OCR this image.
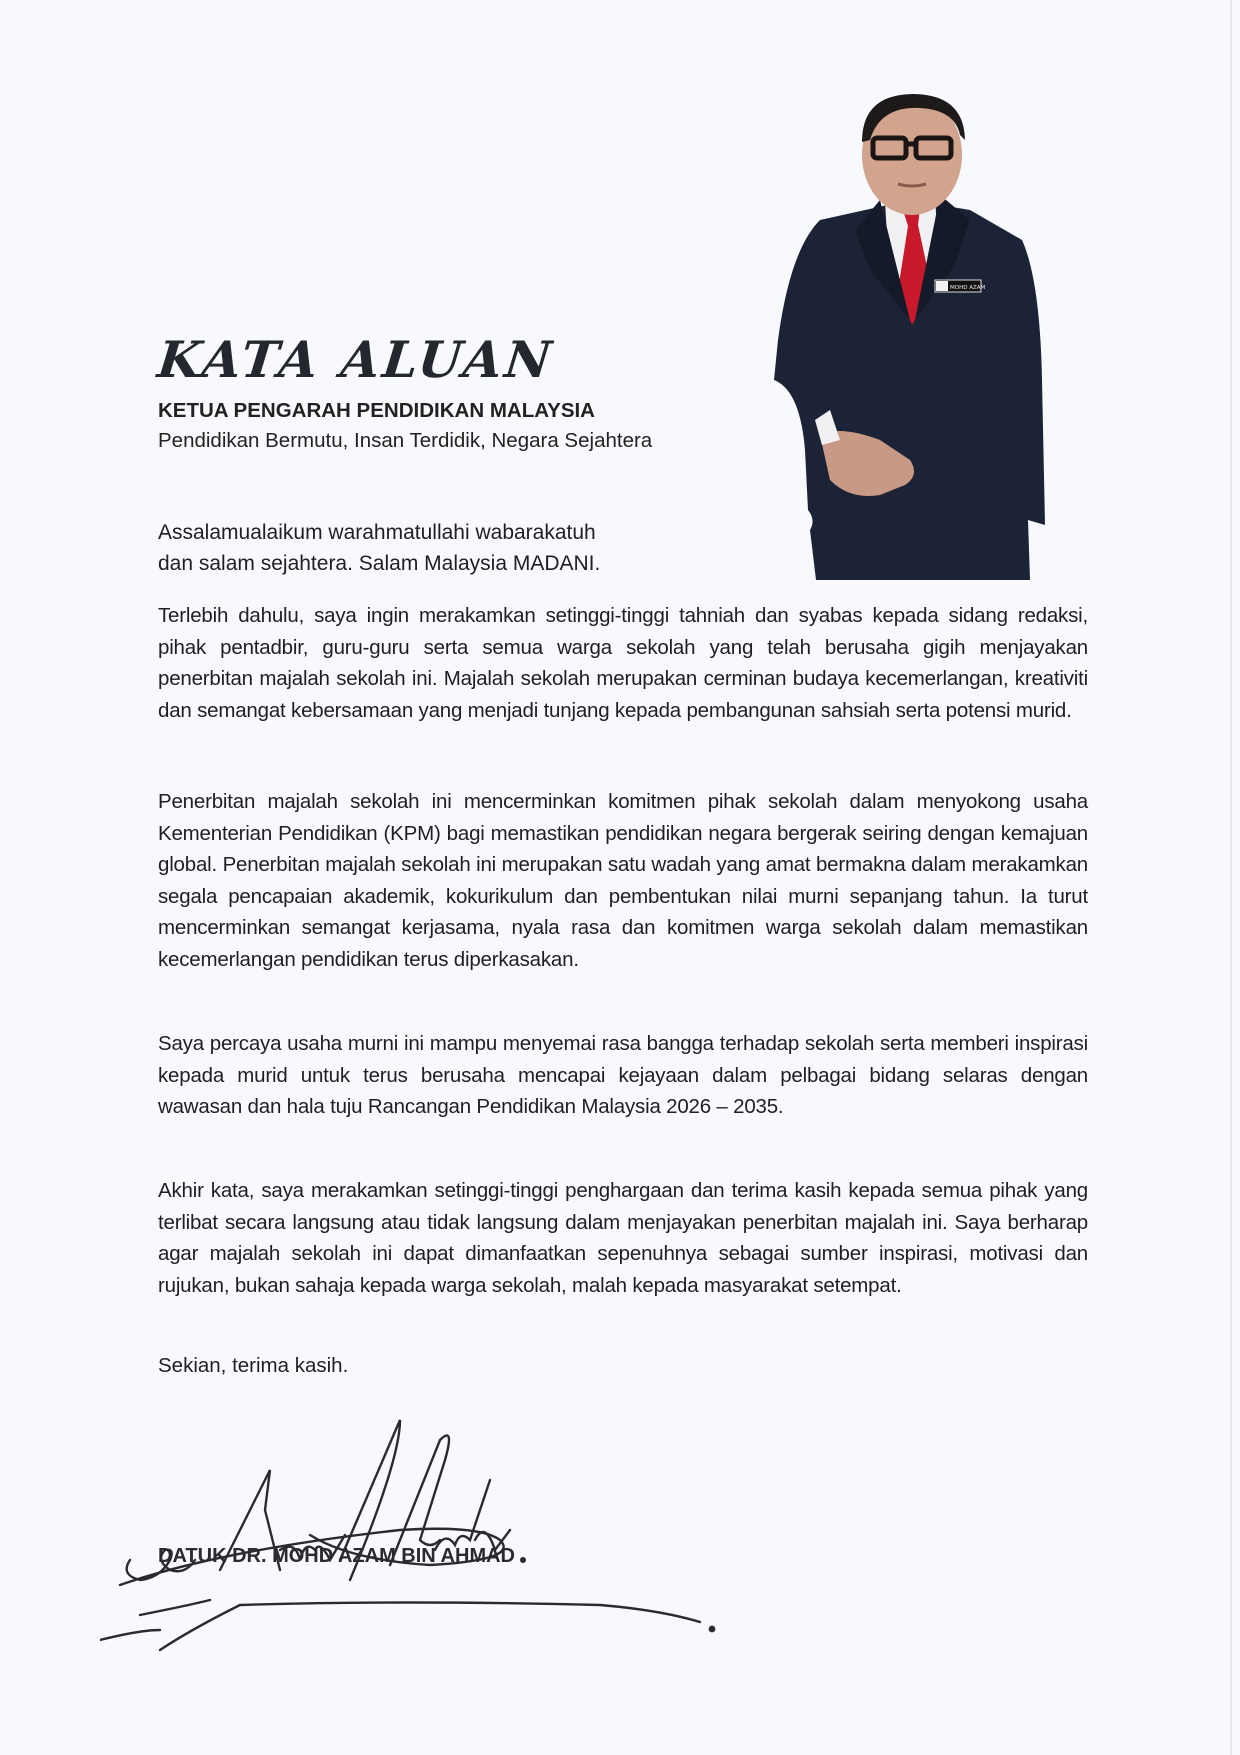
MOHD AZAM
KATA ALUAN
KETUA PENGARAH PENDIDIKAN MALAYSIA
Pendidikan Bermutu, Insan Terdidik, Negara Sejahtera
Assalamualaikum warahmatullahi wabarakatuh
dan salam sejahtera. Salam Malaysia MADANI.
Terlebih dahulu, saya ingin merakamkan setinggi-tinggi tahniah dan syabas kepada sidang redaksi, pihak pentadbir, guru-guru serta semua warga sekolah yang telah berusaha gigih menjayakan penerbitan majalah sekolah ini. Majalah sekolah merupakan cerminan budaya kecemerlangan, kreativiti dan semangat kebersamaan yang menjadi tunjang kepada pembangunan sahsiah serta potensi murid.
Penerbitan majalah sekolah ini mencerminkan komitmen pihak sekolah dalam menyokong usaha Kementerian Pendidikan (KPM) bagi memastikan pendidikan negara bergerak seiring dengan kemajuan global. Penerbitan majalah sekolah ini merupakan satu wadah yang amat bermakna dalam merakamkan segala pencapaian akademik, kokurikulum dan pembentukan nilai murni sepanjang tahun. Ia turut mencerminkan semangat kerjasama, nyala rasa dan komitmen warga sekolah dalam memastikan kecemerlangan pendidikan terus diperkasakan.
Saya percaya usaha murni ini mampu menyemai rasa bangga terhadap sekolah serta memberi inspirasi kepada murid untuk terus berusaha mencapai kejayaan dalam pelbagai bidang selaras dengan wawasan dan hala tuju Rancangan Pendidikan Malaysia 2026 – 2035.
Akhir kata, saya merakamkan setinggi-tinggi penghargaan dan terima kasih kepada semua pihak yang terlibat secara langsung atau tidak langsung dalam menjayakan penerbitan majalah ini. Saya berharap agar majalah sekolah ini dapat dimanfaatkan sepenuhnya sebagai sumber inspirasi, motivasi dan rujukan, bukan sahaja kepada warga sekolah, malah kepada masyarakat setempat.
Sekian, terima kasih.
DATUK DR. MOHD AZAM BIN AHMAD
